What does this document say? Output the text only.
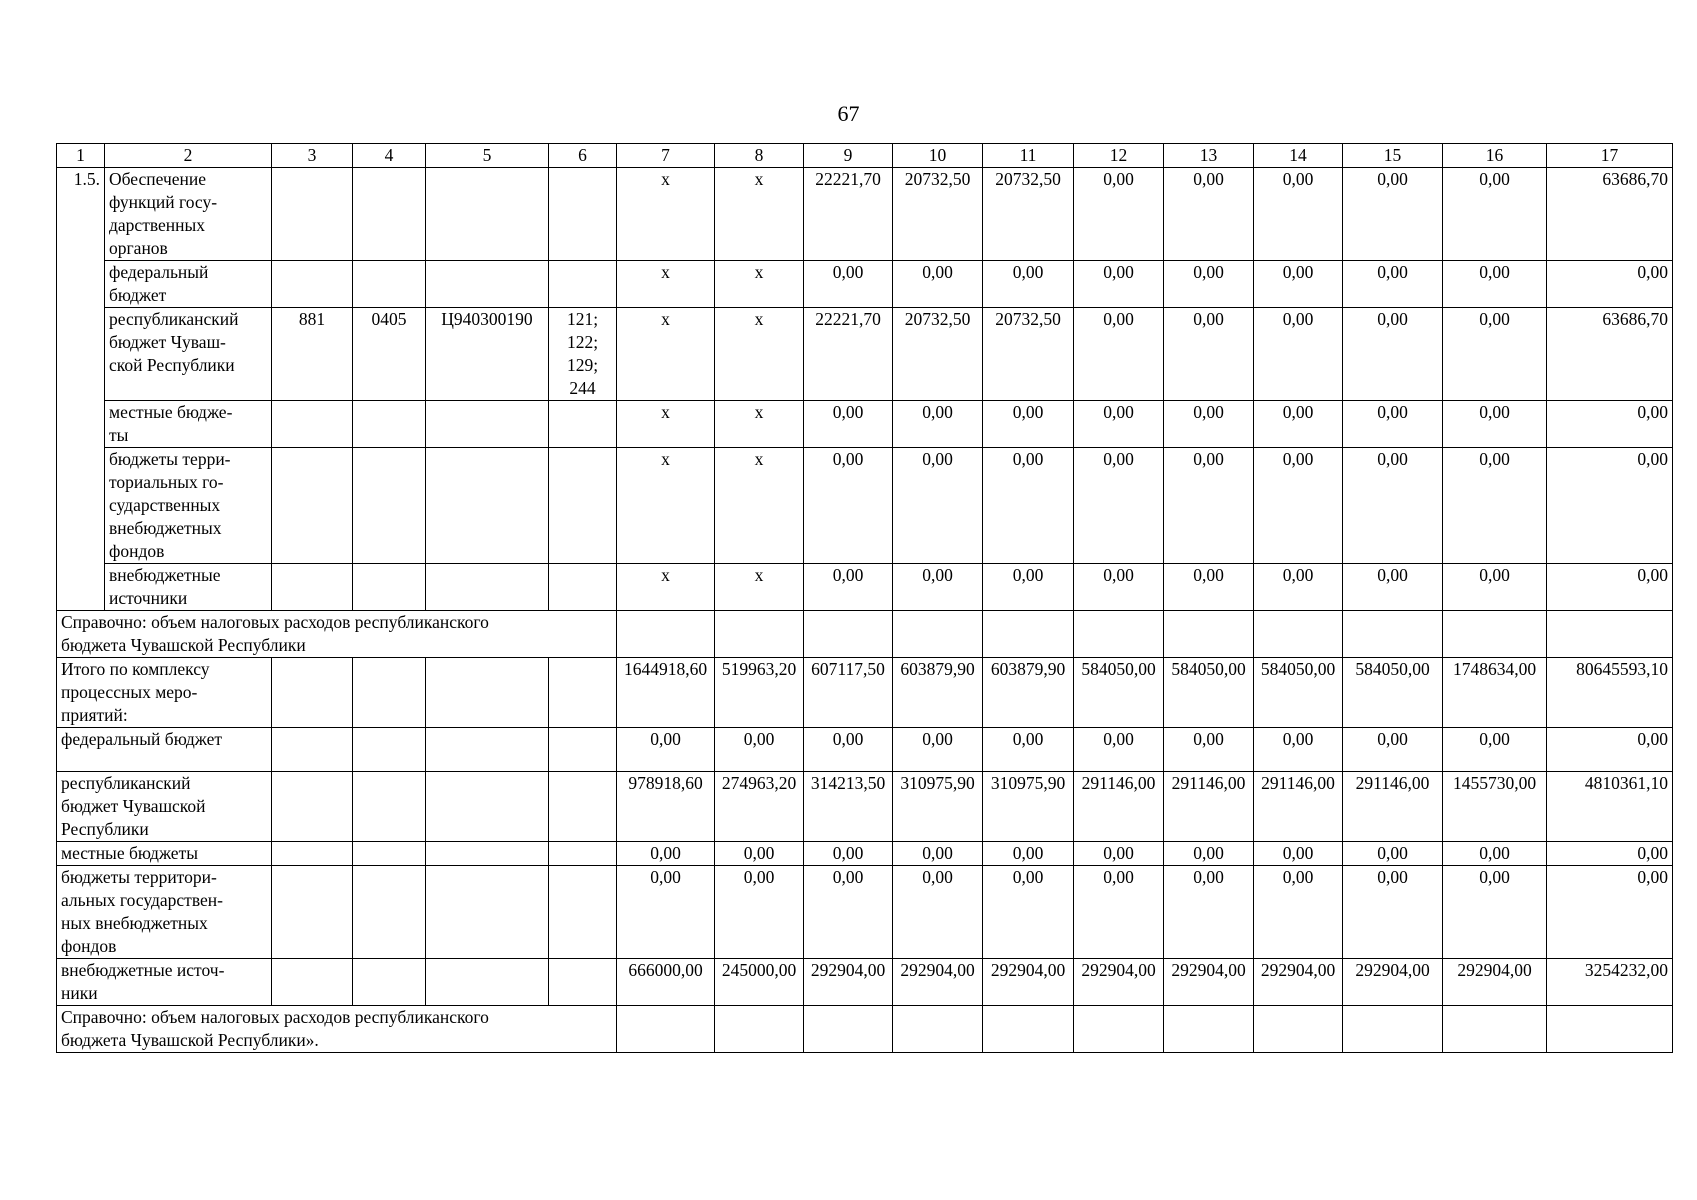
67
1	2	3	4	5	6	7	8	9	10	11	12	13	14	15	16	17
1.5.	Обеспечение
функций госу-
дарственных
органов					х	х	22221,70	20732,50	20732,50	0,00	0,00	0,00	0,00	0,00	63686,70

	федеральный
бюджет					х	х	0,00	0,00	0,00	0,00	0,00	0,00	0,00	0,00	0,00

	республиканский
бюджет Чуваш-
ской Республики	881	0405	Ц940300190	121;
122;
129;
244	х	х	22221,70	20732,50	20732,50	0,00	0,00	0,00	0,00	0,00	63686,70

	местные бюдже-
ты					х	х	0,00	0,00	0,00	0,00	0,00	0,00	0,00	0,00	0,00

	бюджеты терри-
ториальных го-
сударственных
внебюджетных
фондов					х	х	0,00	0,00	0,00	0,00	0,00	0,00	0,00	0,00	0,00

	внебюджетные
источники					х	х	0,00	0,00	0,00	0,00	0,00	0,00	0,00	0,00	0,00

Справочно: объем налоговых расходов республиканского
бюджета Чувашской Республики																

Итого по комплексу
процессных меро-
приятий:						1644918,60	519963,20	607117,50	603879,90	603879,90	584050,00	584050,00	584050,00	584050,00	1748634,00	80645593,10

федеральный бюджет						0,00	0,00	0,00	0,00	0,00	0,00	0,00	0,00	0,00	0,00	0,00

республиканский
бюджет Чувашской
Республики						978918,60	274963,20	314213,50	310975,90	310975,90	291146,00	291146,00	291146,00	291146,00	1455730,00	4810361,10

местные бюджеты						0,00	0,00	0,00	0,00	0,00	0,00	0,00	0,00	0,00	0,00	0,00

бюджеты территори-
альных государствен-
ных внебюджетных
фондов						0,00	0,00	0,00	0,00	0,00	0,00	0,00	0,00	0,00	0,00	0,00

внебюджетные источ-
ники						666000,00	245000,00	292904,00	292904,00	292904,00	292904,00	292904,00	292904,00	292904,00	292904,00	3254232,00

Справочно: объем налоговых расходов республиканского
бюджета Чувашской Республики».																
